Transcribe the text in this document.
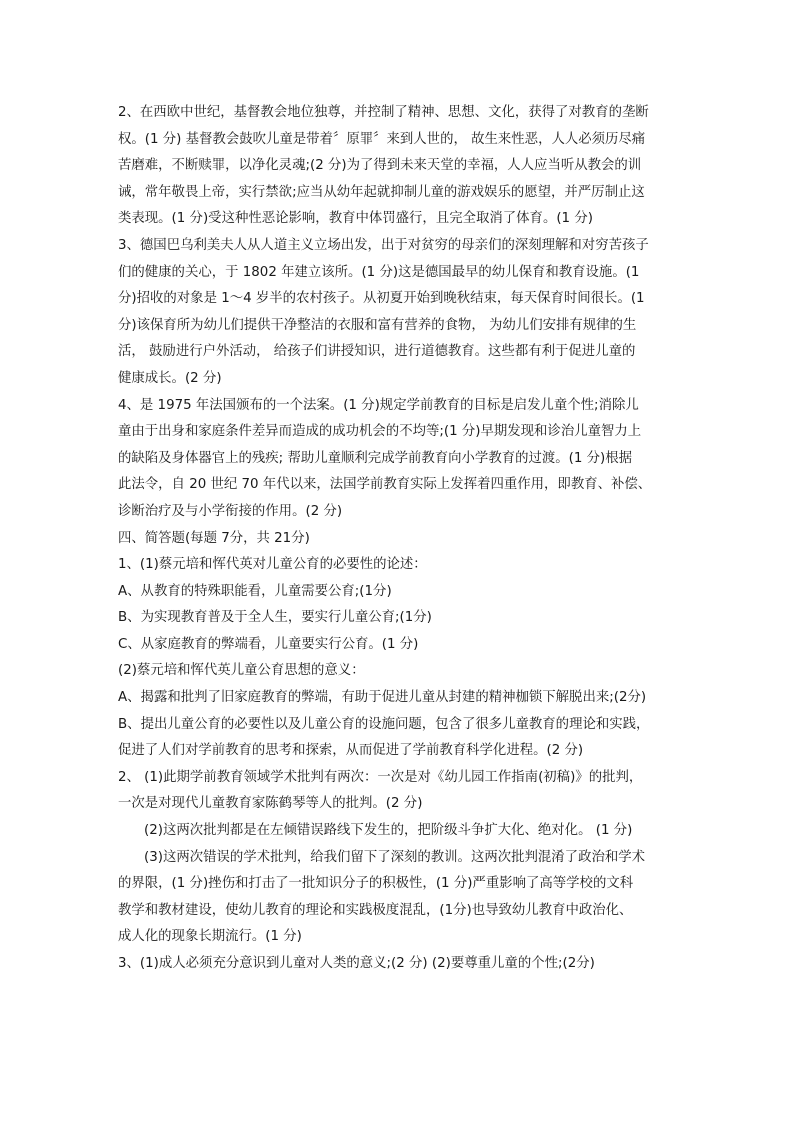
2、在西欧中世纪，基督教会地位独尊，并控制了精神、思想、文化，获得了对教育的垄断
权。(1 分) 基督教会鼓吹儿童是带着〞原罪〞来到人世的， 故生来性恶，人人必须历尽痛
苦磨难，不断赎罪，以净化灵魂;(2 分)为了得到未来天堂的幸福，人人应当听从教会的训
诫，常年敬畏上帝，实行禁欲;应当从幼年起就抑制儿童的游戏娱乐的愿望，并严厉制止这
类表现。(1 分)受这种性恶论影响，教育中体罚盛行，且完全取消了体育。(1 分)
3、德国巴乌利美夫人从人道主义立场出发，出于对贫穷的母亲们的深刻理解和对穷苦孩子
们的健康的关心，于 1802 年建立该所。(1 分)这是德国最早的幼儿保育和教育设施。(1
分)招收的对象是 1～4 岁半的农村孩子。从初夏开始到晚秋结束，每天保育时间很长。(1
分)该保育所为幼儿们提供干净整洁的衣服和富有营养的食物， 为幼儿们安排有规律的生
活， 鼓励进行户外活动， 给孩子们讲授知识，进行道德教育。这些都有利于促进儿童的
健康成长。(2 分)
4、是 1975 年法国颁布的一个法案。(1 分)规定学前教育的目标是启发儿童个性;消除儿
童由于出身和家庭条件差异而造成的成功机会的不均等;(1 分)早期发现和诊治儿童智力上
的缺陷及身体器官上的残疾; 帮助儿童顺利完成学前教育向小学教育的过渡。(1 分)根据
此法令，自 20 世纪 70 年代以来，法国学前教育实际上发挥着四重作用，即教育、补偿、
诊断治疗及与小学衔接的作用。(2 分)
四、简答题(每题 7分，共 21分)
1、(1)蔡元培和恽代英对儿童公育的必要性的论述：
A、从教育的特殊职能看，儿童需要公育;(1分)
B、为实现教育普及于全人生，要实行儿童公育;(1分)
C、从家庭教育的弊端看，儿童要实行公育。(1 分)
(2)蔡元培和恽代英儿童公育思想的意义：
A、揭露和批判了旧家庭教育的弊端，有助于促进儿童从封建的精神枷锁下解脱出来;(2分)
B、提出儿童公育的必要性以及儿童公育的设施问题，包含了很多儿童教育的理论和实践，
促进了人们对学前教育的思考和探索，从而促进了学前教育科学化进程。(2 分)
2、 (1)此期学前教育领域学术批判有两次：一次是对《幼儿园工作指南(初稿)》的批判，
一次是对现代儿童教育家陈鹤琴等人的批判。(2 分)
(2)这两次批判都是在左倾错误路线下发生的，把阶级斗争扩大化、绝对化。 (1 分)
(3)这两次错误的学术批判，给我们留下了深刻的教训。这两次批判混淆了政治和学术
的界限，(1 分)挫伤和打击了一批知识分子的积极性，(1 分)严重影响了高等学校的文科
教学和教材建设，使幼儿教育的理论和实践极度混乱，(1分)也导致幼儿教育中政治化、
成人化的现象长期流行。(1 分)
3、(1)成人必须充分意识到儿童对人类的意义;(2 分) (2)要尊重儿童的个性;(2分)
